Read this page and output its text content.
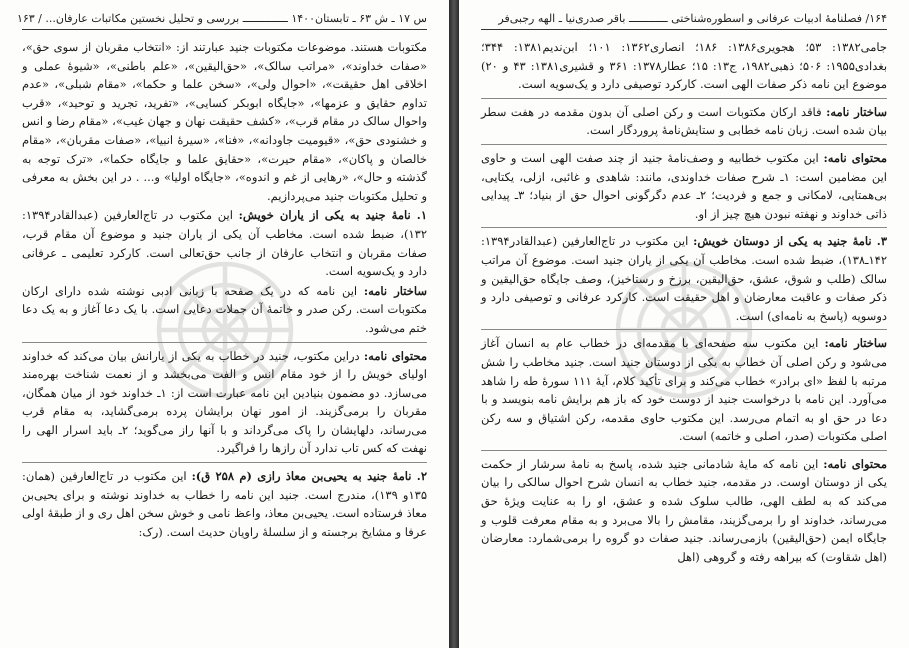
س ۱۷ ـ ش ۶۳ ـ تابستان۱۴۰۰ ــــــــــــــ بررسی و تحلیل نخستین مکاتبات عارفان... / ۱۶۳

مکتوبات هستند. موضوعات مکتوبات جنید عبارتند از: «انتخاب مقربان از سوی حق»، «صفات خداوند»، «مراتب سالک»، «حق‌الیقین»، «علم باطنی»، «شیوهٔ عملی و اخلاقی اهل حقیقت»، «احوال ولی»، «سخن علما و حکما»، «مقام شبلی»، «عدم تداوم حقایق و عزمها»، «جایگاه ابوبکر کسایی»، «تفرید، تجرید و توحید»، «قرب واحوال سالک در مقام قرب»، «کشف حقیقت نهان و جهان غیب»، «مقام رضا و انس و خشنودی حق»، «قیومیت جاودانه»، «فنا»، «سیرهٔ انبیا»، «صفات مقربان»، «مقام خالصان و پاکان»، «مقام حیرت»، «حقایق علما و جایگاه حکما»، «ترک توجه به گذشته و حال»، «رهایی از غم و اندوه»، «جایگاه اولیا» و... . در این بخش به معرفی و تحلیل مکتوبات جنید می‌پردازیم.

۱. نامهٔ جنید به یکی از یاران خویش: این مکتوب در تاج‌العارفین (عبدالقادر۱۳۹۴: ۱۳۲)، ضبط شده است. مخاطب آن یکی از یاران جنید و موضوع آن مقام قرب، صفات مقربان و انتخاب عارفان از جانب حق‌تعالی است. کارکرد تعلیمی ـ عرفانی دارد و یک‌سویه است.

ساختار نامه: این نامه که در یک صفحه با زبانی ادبی نوشته شده دارای ارکان مکتوبات است. رکن صدر و خاتمهٔ آن جملات دعایی است. با یک دعا آغاز و به یک دعا ختم می‌شود.

محتوای نامه: دراین مکتوب، جنید در خطاب به یکی از یارانش بیان می‌کند که خداوند اولیای خویش را از خود مقام انس و الفت می‌بخشد و از نعمت شناخت بهره‌مند می‌سازد. دو مضمون بنیادین این نامه عبارت است از: ۱ـ خداوند خود از میان همگان، مقربان را برمی‌گزیند. از امور نهان برایشان پرده برمی‌گشاید، به مقام قرب می‌رساند، دلهایشان را پاک می‌گرداند و با آنها راز می‌گوید؛ ۲ـ باید اسرار الهی را نهفت که کس تاب ندارد آن رازها را فراگیرد.

۲. نامهٔ جنید به یحیی‌بن معاذ رازی (م ۲۵۸ ق): این مکتوب در تاج‌العارفین (همان: ۱۳۵و ۱۳۹)، مندرج است. جنید این نامه را خطاب به خداوند نوشته و برای یحیی‌بن معاذ فرستاده است. یحیی‌بن معاذ، واعظ نامی و خوش سخن اهل ری و از طبقهٔ اولی عرفا و مشایخ برجسته و از سلسلهٔ راویان حدیث است. (رک:

۱۶۴/ فصلنامهٔ ادبیات عرفانی و اسطوره‌شناختی ــــــــــــ باقر صدری‌نیا ـ الهه رجبی‌فر

جامی۱۳۸۲: ۵۳؛ هجویری۱۳۸۶: ۱۸۶؛ انصاری۱۳۶۲: ۱۰۱؛ ابن‌ندیم۱۳۸۱: ۳۴۴؛ بغدادی۱۹۵۵: ۵۰۶؛ ذهبی۱۹۸۲، ج۱۳: ۱۵؛ عطار۱۳۷۸: ۳۶۱ و قشیری۱۳۸۱: ۴۳ و ۲۰) موضوع این نامه ذکر صفات الهی است. کارکرد توصیفی دارد و یک‌سویه است.

ساختار نامه: فاقد ارکان مکتوبات است و رکن اصلی آن بدون مقدمه در هفت سطر بیان شده است. زبان نامه خطابی و ستایش‌نامهٔ پروردگار است.

محتوای نامه: این مکتوب خطابیه و وصف‌نامهٔ جنید از چند صفت الهی است و حاوی این مضامین است: ۱ـ شرح صفات خداوندی، مانند: شاهدی و غائبی، ازلی، یکتایی، بی‌همتایی، لامکانی و جمع و فردیت؛ ۲ـ عدم دگرگونی احوال حق از بنیاد؛ ۳ـ پیدایی ذاتی خداوند و نهفته نبودن هیچ چیز از او.

۳. نامهٔ جنید به یکی از دوستان خویش: این مکتوب در تاج‌العارفین (عبدالقادر۱۳۹۴: ۱۴۲ـ۱۳۸)، ضبط شده است. مخاطب آن یکی از یاران جنید است. موضوع آن مراتب سالک (طلب و شوق، عشق، حق‌الیقین، برزخ و رستاخیز)، وصف جایگاه حق‌الیقین و ذکر صفات و عاقبت معارضان و اهل حقیقت است. کارکرد عرفانی و توصیفی دارد و دوسویه (پاسخ به نامه‌ای) است.

ساختار نامه: این مکتوب سه صفحه‌ای با مقدمه‌ای در خطاب عام به انسان آغاز می‌شود و رکن اصلی آن خطاب به یکی از دوستان جنید است. جنید مخاطب را شش مرتبه با لفظ «ای برادر» خطاب می‌کند و برای تأکید کلام، آیهٔ ۱۱۱ سورهٔ طه را شاهد می‌آورد. این نامه با درخواست جنید از دوست خود که باز هم برایش نامه بنویسد و با دعا در حق او به اتمام می‌رسد. این مکتوب حاوی مقدمه، رکن اشتیاق و سه رکن اصلی مکتوبات (صدر، اصلی و خاتمه) است.

محتوای نامه: این نامه که مایهٔ شادمانی جنید شده، پاسخ به نامهٔ سرشار از حکمت یکی از دوستان اوست. در مقدمه، جنید خطاب به انسان شرح احوال سالکی را بیان می‌کند که به لطف الهی، طالب سلوک شده و عشق، او را به عنایت ویژهٔ حق می‌رساند، خداوند او را برمی‌گزیند، مقامش را بالا می‌برد و به مقام معرفت قلوب و جایگاه ایمن (حق‌الیقین) بازمی‌رساند. جنید صفات دو گروه را برمی‌شمارد: معارضان (اهل شقاوت) که بیراهه رفته و گروهی (اهل
